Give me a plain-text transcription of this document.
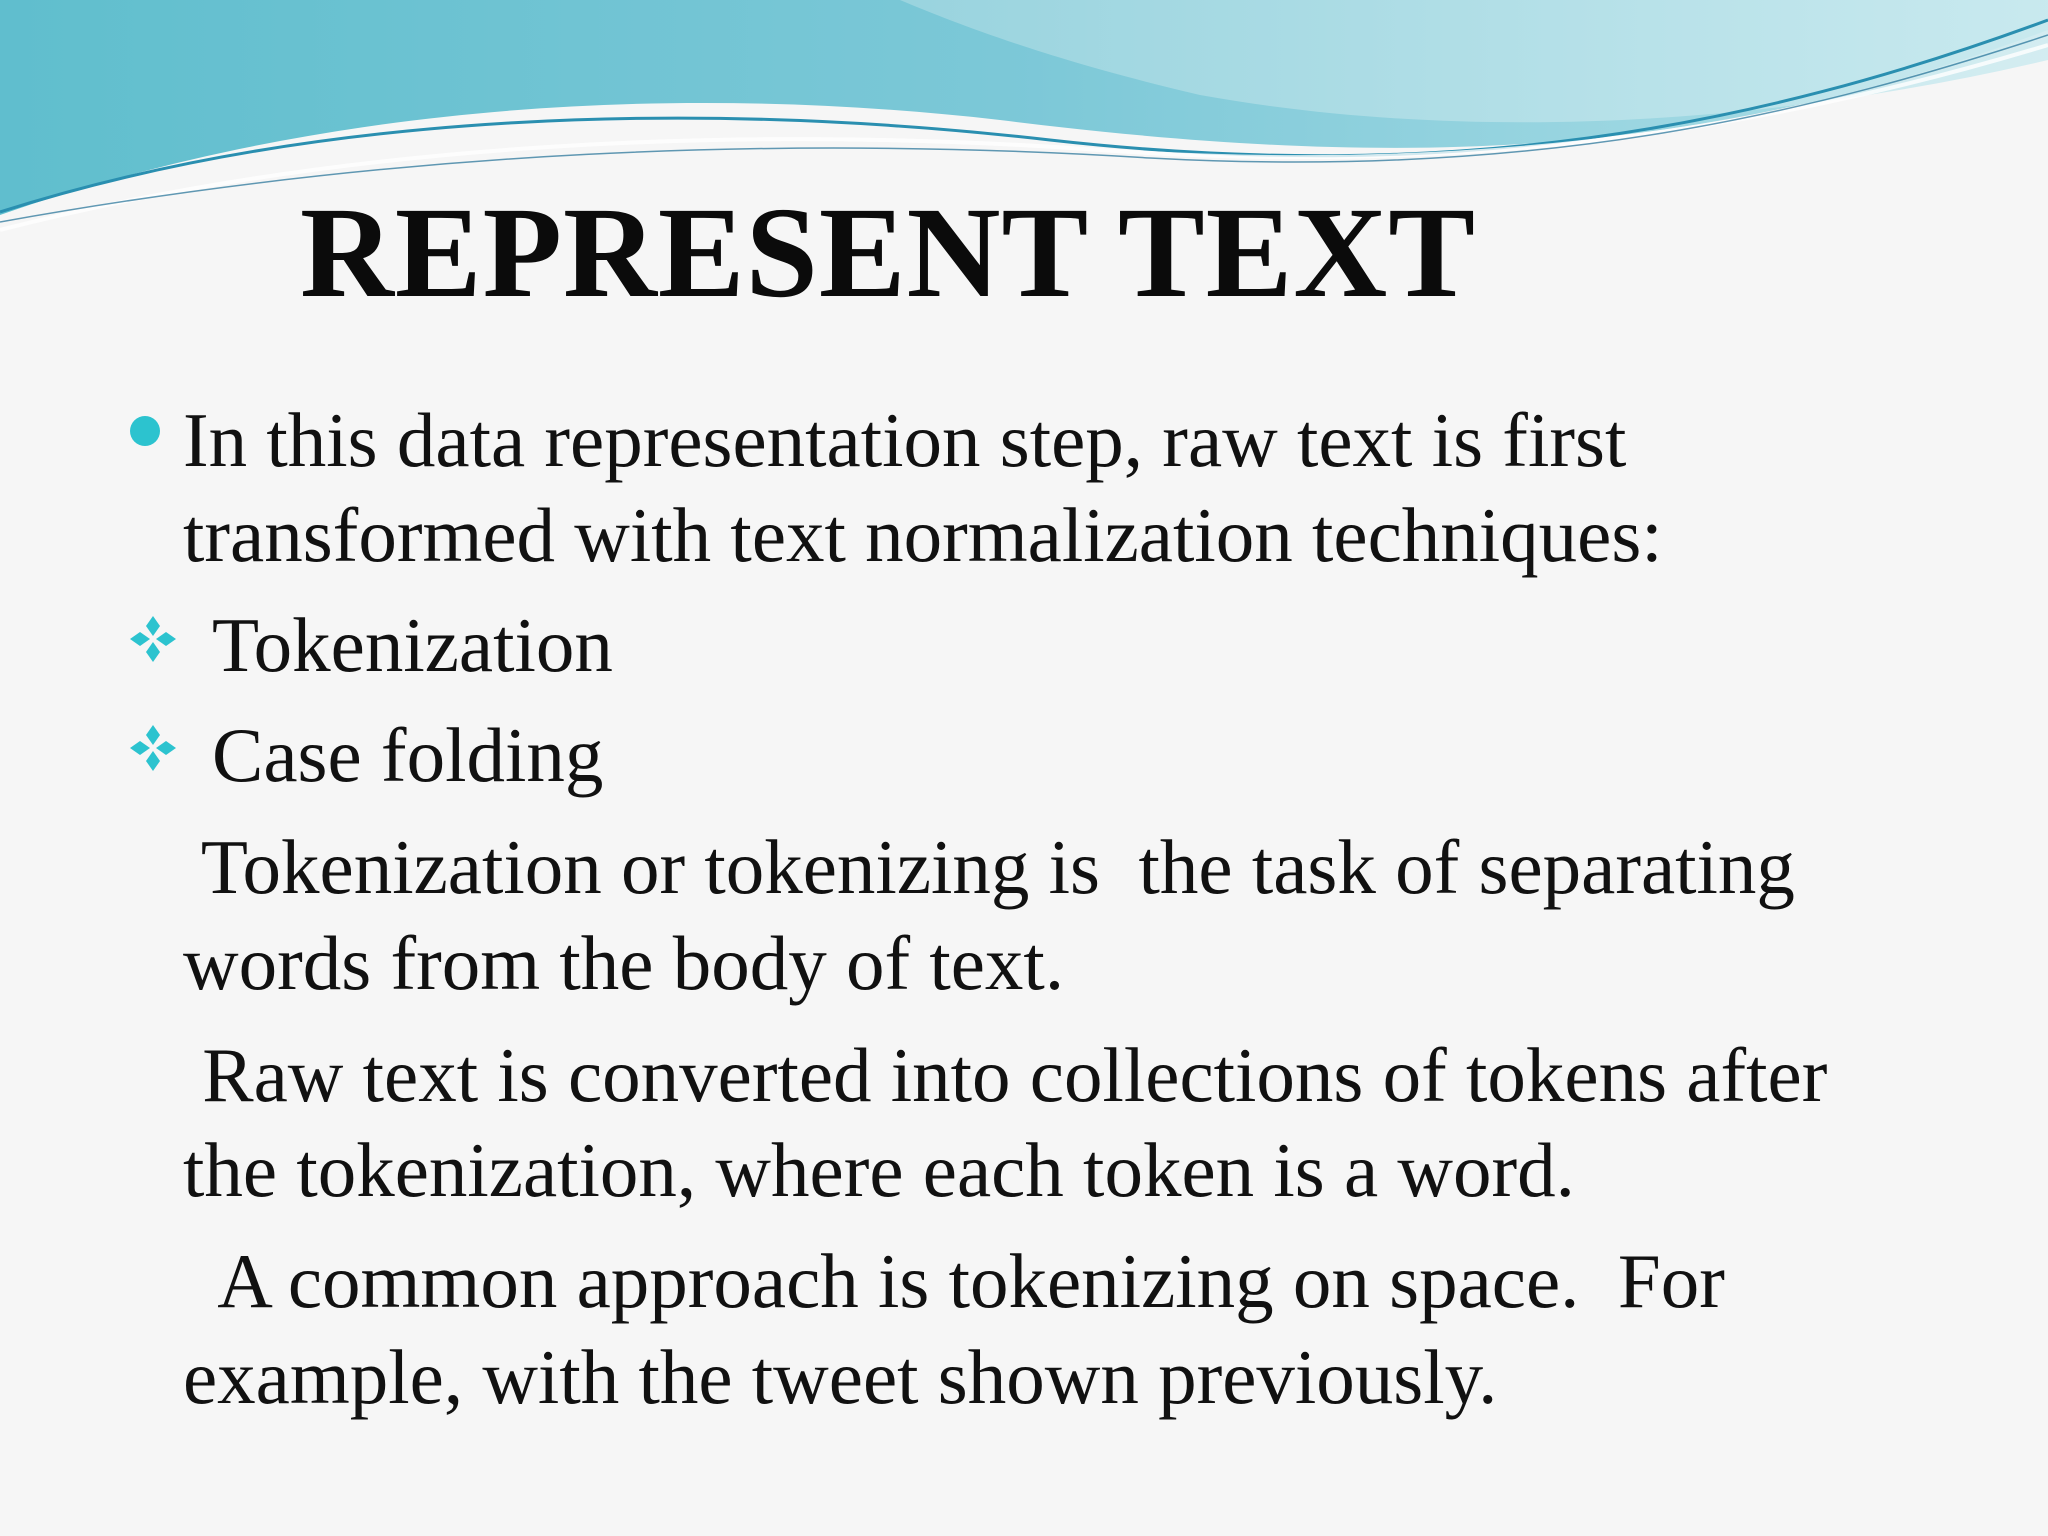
REPRESENT TEXT
In this data representation step, raw text is first
transformed with text normalization techniques:
Tokenization
Case folding
Tokenization or tokenizing is  the task of separating
words from the body of text.
Raw text is converted into collections of tokens after
the tokenization, where each token is a word.
A common approach is tokenizing on space.  For
example, with the tweet shown previously.
